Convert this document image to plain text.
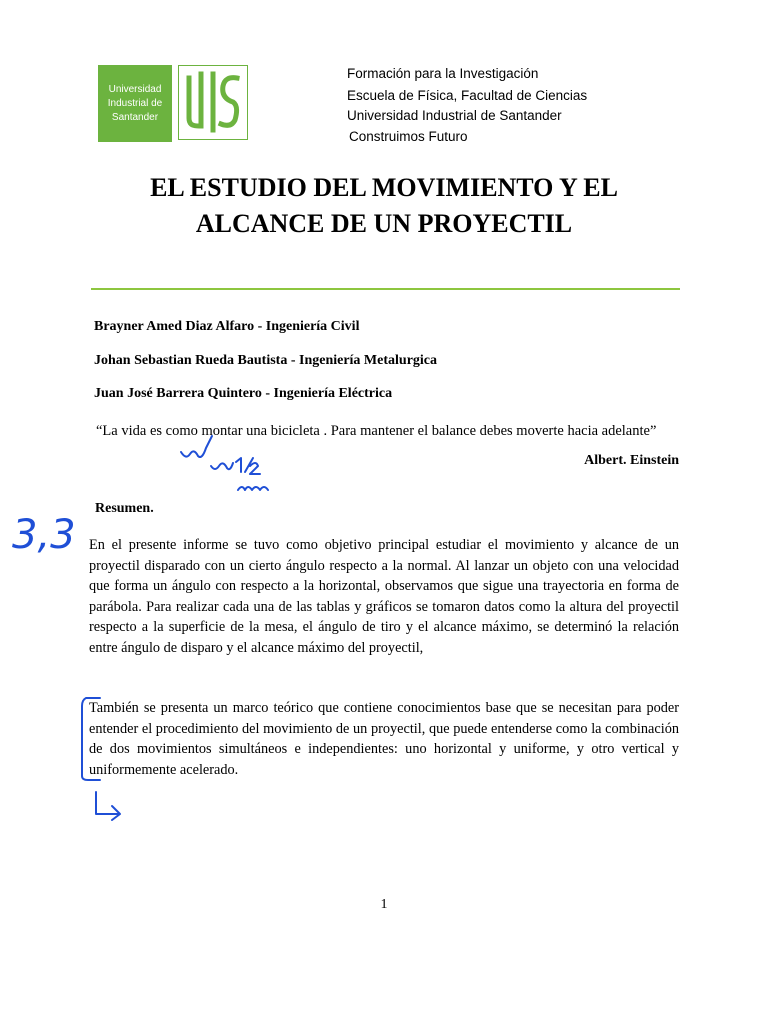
Universidad
Industrial de
Santander
Formación para la Investigación
Escuela de Física, Facultad de Ciencias
Universidad Industrial de Santander
Construimos Futuro
EL ESTUDIO DEL MOVIMIENTO Y EL
ALCANCE DE UN PROYECTIL
Brayner Amed Diaz Alfaro - Ingeniería Civil
Johan Sebastian Rueda Bautista - Ingeniería Metalurgica
Juan José Barrera Quintero - Ingeniería Eléctrica
“La vida es como montar una bicicleta . Para mantener el balance debes moverte hacia adelante”
Albert. Einstein
Resumen.
En el presente informe se tuvo como objetivo principal estudiar el movimiento y alcance de un proyectil disparado con un cierto ángulo respecto a la normal. Al lanzar un objeto con una velocidad que forma un ángulo con respecto a la horizontal, observamos que sigue una trayectoria en forma de parábola. Para realizar cada una de las tablas y gráficos se tomaron datos como la altura del proyectil respecto a la superficie de la mesa, el ángulo de tiro y el alcance máximo, se determinó la relación entre ángulo de disparo y el alcance máximo del proyectil,
También se presenta un marco teórico que contiene conocimientos base que se necesitan para poder entender el procedimiento del movimiento de un proyectil, que puede entenderse como la combinación de dos movimientos simultáneos e independientes: uno horizontal y uniforme, y otro vertical y uniformemente acelerado.
1
3,3
